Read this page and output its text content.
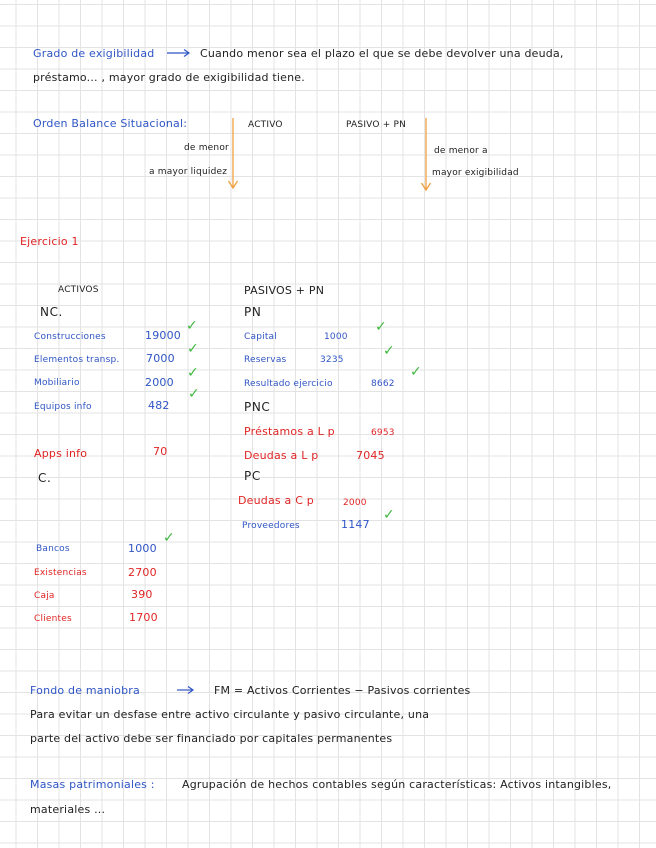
Grado de exigibilidad	Cuando menor sea el plazo el que se debe devolver una deuda,
préstamo... , mayor grado de exigibilidad tiene.
Orden Balance Situacional:	ACTIVO	PASIVO + PN
de menor
a mayor liquidez
de menor a
mayor exigibilidad
Ejercicio 1
ACTIVOS
NC.
Construcciones	19000
✓
Elementos transp. 7000
✓
Mobiliario	2000
✓
Equipos info	482
✓
Apps info	70
C.
Bancos	1000
✓
Existencias	2700
Caja	390
Clientes	1700
PASIVOS + PN
PN
Capital	1000
✓
Reservas	3235
✓
Resultado ejercicio	8662
✓
PNC
Préstamos a L p	6953
Deudas a L p	7045
PC
Deudas a C p	2000
Proveedores	1147
✓
Fondo de maniobra	FM = Activos Corrientes − Pasivos corrientes
Para evitar un desfase entre activo circulante y pasivo circulante, una
parte del activo debe ser financiado por capitales permanentes
Masas patrimoniales : Agrupación de hechos contables según características: Activos intangibles,
materiales ...
